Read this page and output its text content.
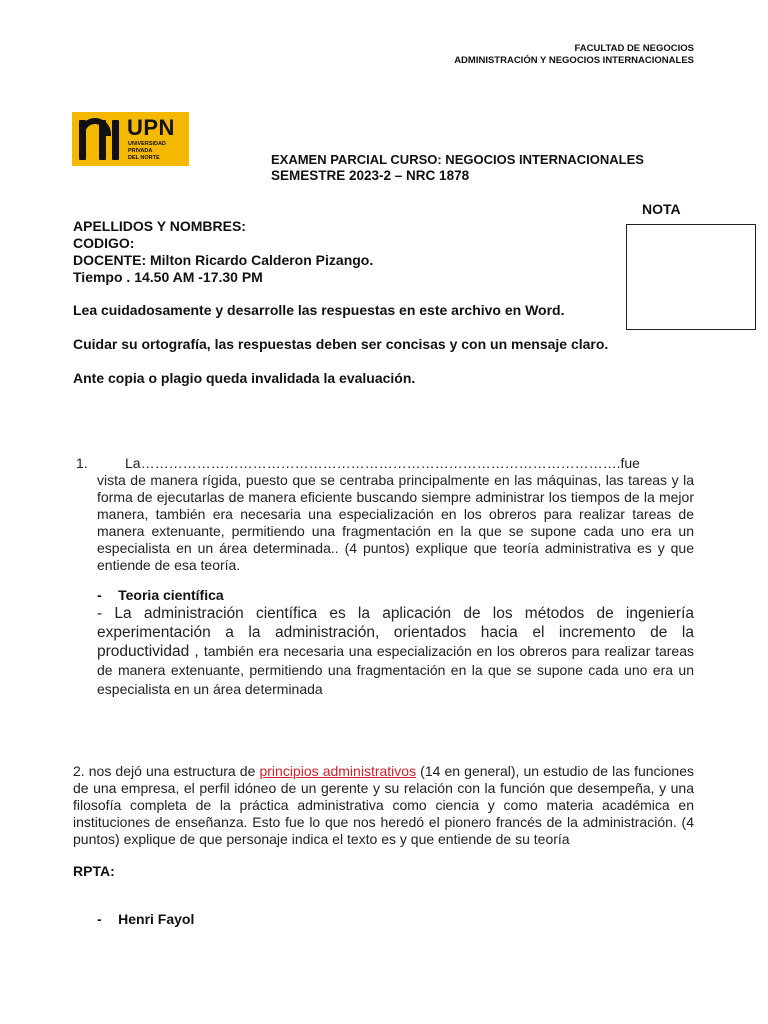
FACULTAD DE NEGOCIOS
ADMINISTRACIÓN Y NEGOCIOS INTERNACIONALES
UPN
UNIVERSIDAD
PRIVADA
DEL NORTE	EXAMEN PARCIAL CURSO: NEGOCIOS INTERNACIONALES
SEMESTRE 2023-2 – NRC 1878
NOTA
APELLIDOS Y NOMBRES:
CODIGO:
DOCENTE: Milton Ricardo Calderon Pizango.
Tiempo . 14.50 AM -17.30 PM
Lea cuidadosamente y desarrolle las respuestas en este archivo en Word.
Cuidar su ortografía, las respuestas deben ser concisas y con un mensaje claro.
Ante copia o plagio queda invalidada la evaluación.
1.	La………………………………………………………………………………………….fue
vista de manera rígida, puesto que se centraba principalmente en las máquinas, las tareas y la forma de ejecutarlas de manera eficiente buscando siempre administrar los tiempos de la mejor manera, también era necesaria una especialización en los obreros para realizar tareas de manera extenuante, permitiendo una fragmentación en la que se supone cada uno era un especialista en un área determinada.. (4 puntos) explique que teoría administrativa es y que entiende de esa teoría.
- Teoria científica
- La administración científica es la aplicación de los métodos de ingeniería experimentación a la administración, orientados hacia el incremento de la productividad , también era necesaria una especialización en los obreros para realizar tareas de manera extenuante, permitiendo una fragmentación en la que se supone cada uno era un especialista en un área determinada
2. nos dejó una estructura de principios administrativos (14 en general), un estudio de las funciones de una empresa, el perfil idóneo de un gerente y su relación con la función que desempeña, y una filosofía completa de la práctica administrativa como ciencia y como materia académica en instituciones de enseñanza. Esto fue lo que nos heredó el pionero francés de la administración. (4 puntos) explique de que personaje indica el texto es y que entiende de su teoría
RPTA:
- Henri Fayol
